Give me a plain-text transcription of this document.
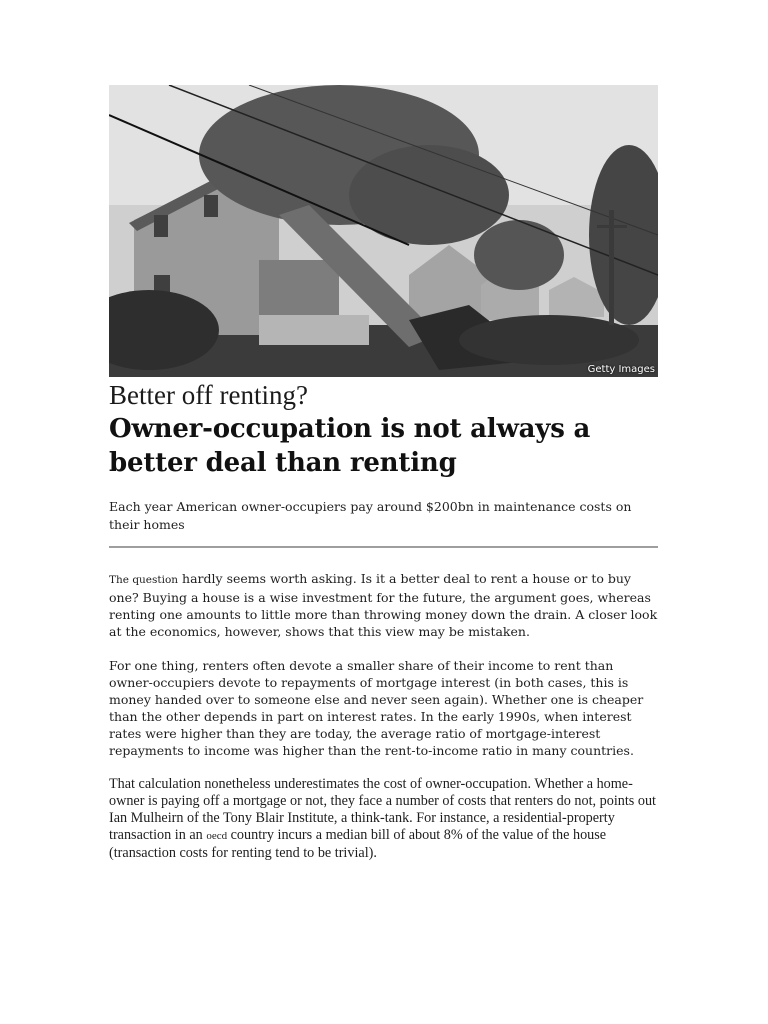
Getty Images
Better off renting?
Owner-occupation is not always a better deal than renting
Each year American owner-occupiers pay around $200bn in maintenance costs on their homes

The question hardly seems worth asking. Is it a better deal to rent a house or to buy one? Buying a house is a wise investment for the future, the argument goes, whereas renting one amounts to little more than throwing money down the drain. A closer look at the economics, however, shows that this view may be mistaken.

For one thing, renters often devote a smaller share of their income to rent than owner-occupiers devote to repayments of mortgage interest (in both cases, this is money handed over to someone else and never seen again). Whether one is cheaper than the other depends in part on interest rates. In the early 1990s, when interest rates were higher than they are today, the average ratio of mortgage-interest repayments to income was higher than the rent-to-income ratio in many countries.

That calculation nonetheless underestimates the cost of owner-occupation. Whether a home-owner is paying off a mortgage or not, they face a number of costs that renters do not, points out Ian Mulheirn of the Tony Blair Institute, a think-tank. For instance, a residential-property transaction in an oecd country incurs a median bill of about 8% of the value of the house (transaction costs for renting tend to be trivial).
